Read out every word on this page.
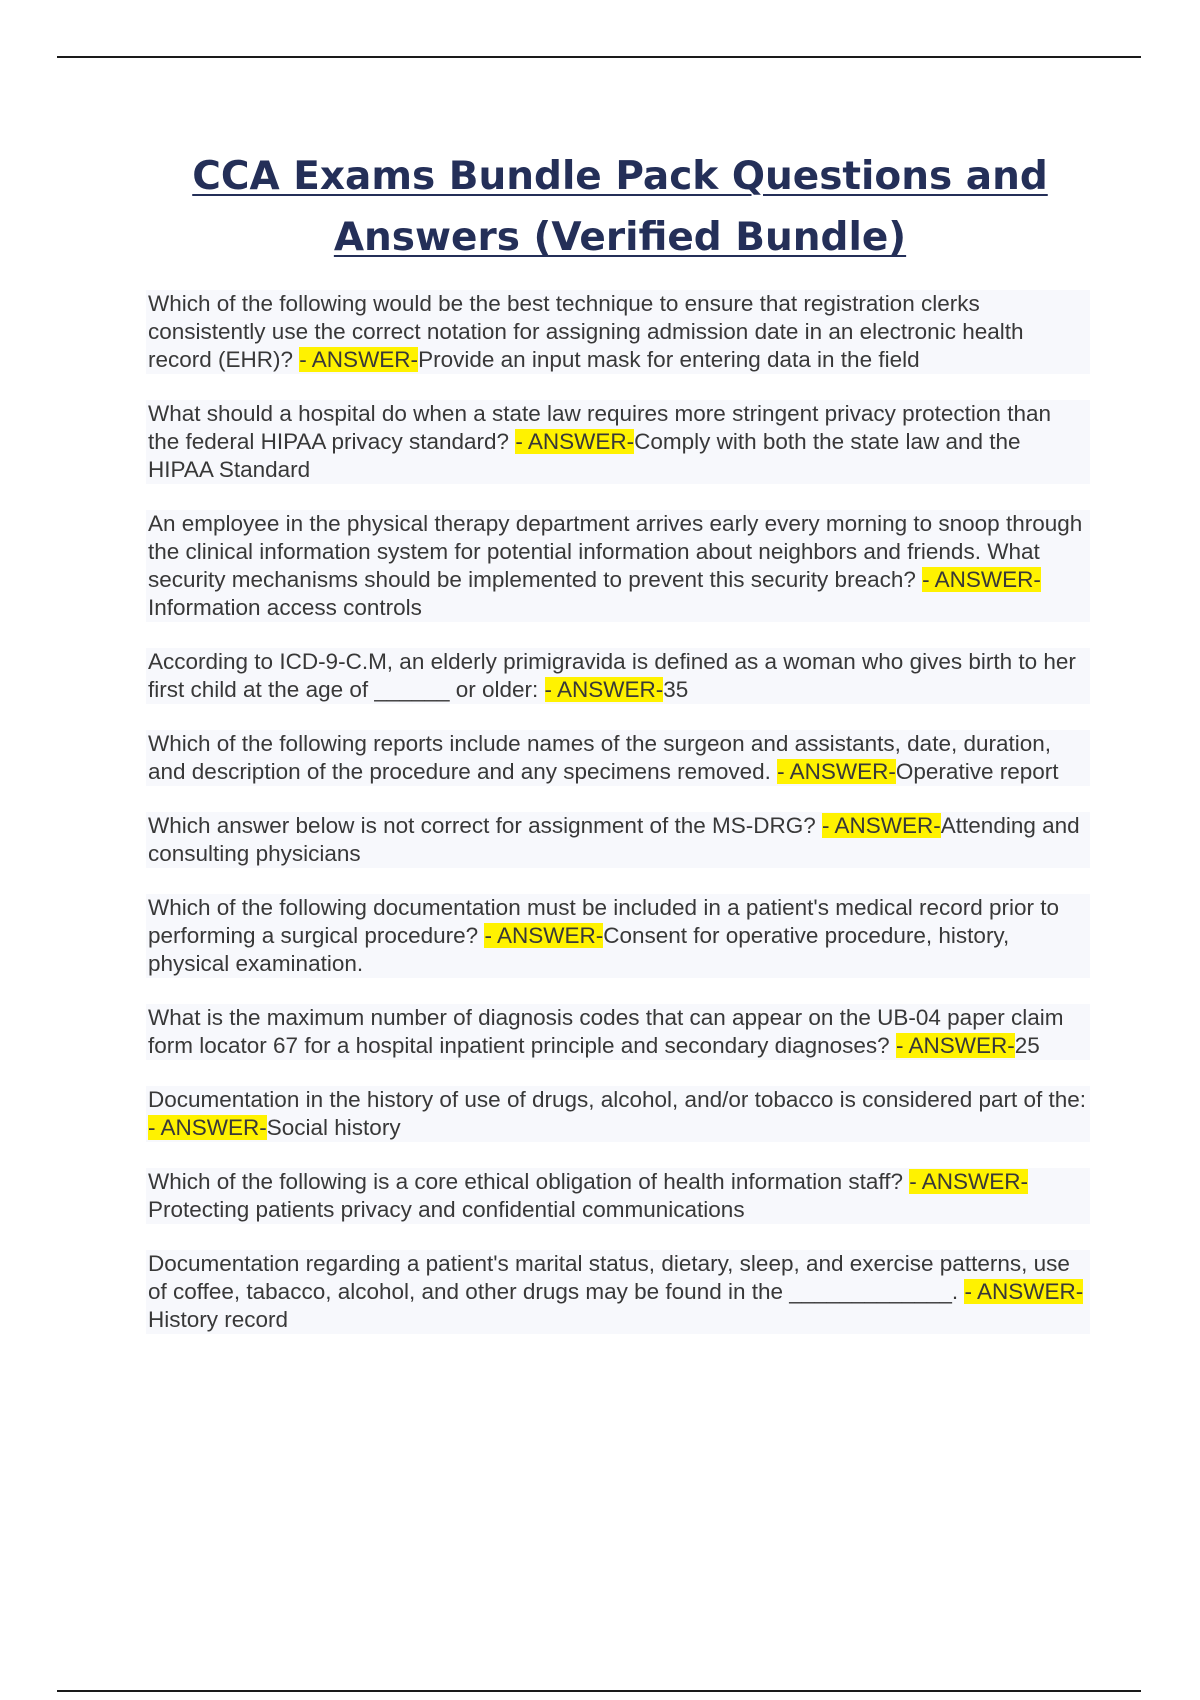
CCA Exams Bundle Pack Questions and
Answers (Verified Bundle)

Which of the following would be the best technique to ensure that registration clerks consistently use the correct notation for assigning admission date in an electronic health record (EHR)? - ANSWER-Provide an input mask for entering data in the field

What should a hospital do when a state law requires more stringent privacy protection than the federal HIPAA privacy standard? - ANSWER-Comply with both the state law and the HIPAA Standard

An employee in the physical therapy department arrives early every morning to snoop through the clinical information system for potential information about neighbors and friends. What security mechanisms should be implemented to prevent this security breach? - ANSWER-Information access controls

According to ICD-9-C.M, an elderly primigravida is defined as a woman who gives birth to her first child at the age of ______ or older: - ANSWER-35

Which of the following reports include names of the surgeon and assistants, date, duration, and description of the procedure and any specimens removed. - ANSWER-Operative report

Which answer below is not correct for assignment of the MS-DRG? - ANSWER-Attending and consulting physicians

Which of the following documentation must be included in a patient's medical record prior to performing a surgical procedure? - ANSWER-Consent for operative procedure, history, physical examination.

What is the maximum number of diagnosis codes that can appear on the UB-04 paper claim form locator 67 for a hospital inpatient principle and secondary diagnoses? - ANSWER-25

Documentation in the history of use of drugs, alcohol, and/or tobacco is considered part of the: - ANSWER-Social history

Which of the following is a core ethical obligation of health information staff? - ANSWER-Protecting patients privacy and confidential communications

Documentation regarding a patient's marital status, dietary, sleep, and exercise patterns, use of coffee, tabacco, alcohol, and other drugs may be found in the _____________. - ANSWER-History record
